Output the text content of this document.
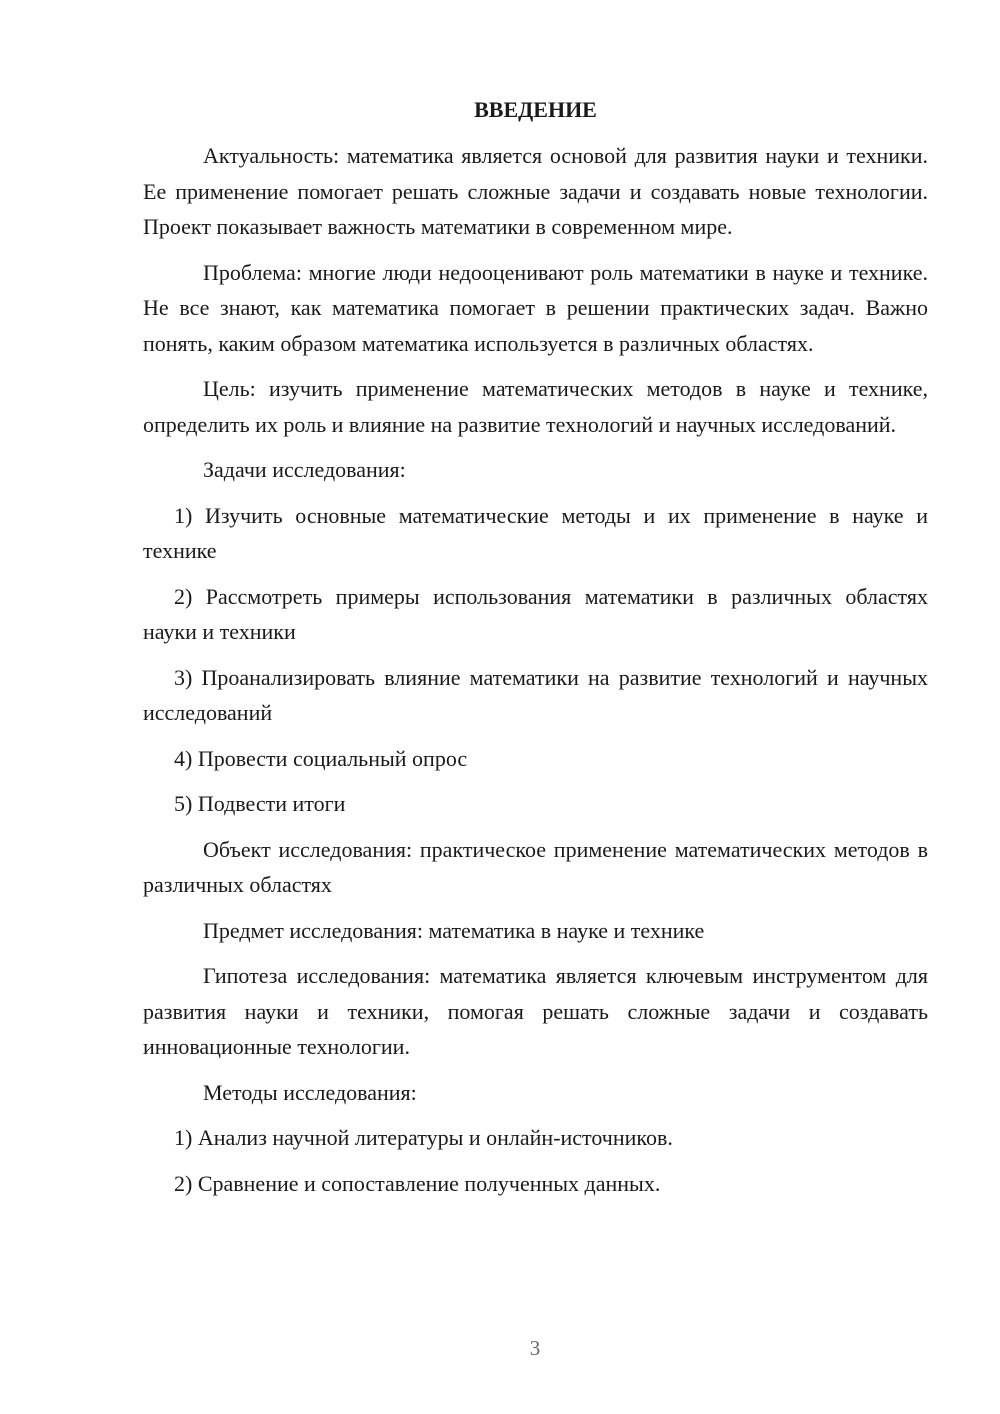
ВВЕДЕНИЕ

Актуальность: математика является основой для развития науки и техники. Ее применение помогает решать сложные задачи и создавать новые технологии. Проект показывает важность математики в современном мире.

Проблема: многие люди недооценивают роль математики в науке и технике. Не все знают, как математика помогает в решении практических задач. Важно понять, каким образом математика используется в различных областях.

Цель: изучить применение математических методов в науке и технике, определить их роль и влияние на развитие технологий и научных исследований.

Задачи исследования:

1) Изучить основные математические методы и их применение в науке и технике

2) Рассмотреть примеры использования математики в различных областях науки и техники

3) Проанализировать влияние математики на развитие технологий и научных исследований

4) Провести социальный опрос

5) Подвести итоги

Объект исследования: практическое применение математических методов в различных областях

Предмет исследования: математика в науке и технике

Гипотеза исследования: математика является ключевым инструментом для развития науки и техники, помогая решать сложные задачи и создавать инновационные технологии.

Методы исследования:

1) Анализ научной литературы и онлайн-источников.

2) Сравнение и сопоставление полученных данных.

3
